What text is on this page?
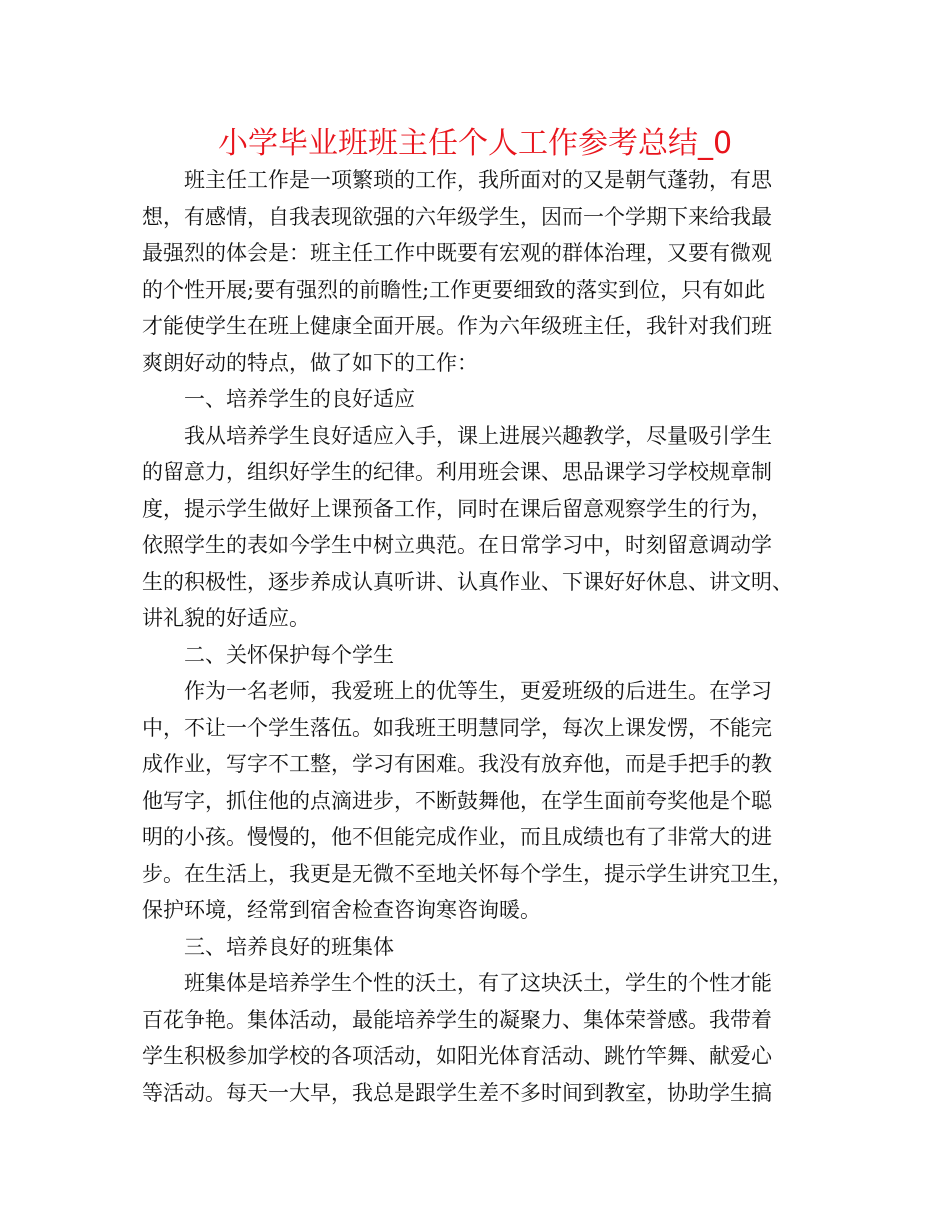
小学毕业班班主任个人工作参考总结_0
班主任工作是一项繁琐的工作，我所面对的又是朝气蓬勃，有思
想，有感情，自我表现欲强的六年级学生，因而一个学期下来给我最
最强烈的体会是：班主任工作中既要有宏观的群体治理，又要有微观
的个性开展;要有强烈的前瞻性;工作更要细致的落实到位，只有如此
才能使学生在班上健康全面开展。作为六年级班主任，我针对我们班
爽朗好动的特点，做了如下的工作：
一、培养学生的良好适应
我从培养学生良好适应入手，课上进展兴趣教学，尽量吸引学生
的留意力，组织好学生的纪律。利用班会课、思品课学习学校规章制
度，提示学生做好上课预备工作，同时在课后留意观察学生的行为，
依照学生的表如今学生中树立典范。在日常学习中，时刻留意调动学
生的积极性，逐步养成认真听讲、认真作业、下课好好休息、讲文明、
讲礼貌的好适应。
二、关怀保护每个学生
作为一名老师，我爱班上的优等生，更爱班级的后进生。在学习
中，不让一个学生落伍。如我班王明慧同学，每次上课发愣，不能完
成作业，写字不工整，学习有困难。我没有放弃他，而是手把手的教
他写字，抓住他的点滴进步，不断鼓舞他，在学生面前夸奖他是个聪
明的小孩。慢慢的，他不但能完成作业，而且成绩也有了非常大的进
步。在生活上，我更是无微不至地关怀每个学生，提示学生讲究卫生，
保护环境，经常到宿舍检查咨询寒咨询暖。
三、培养良好的班集体
班集体是培养学生个性的沃土，有了这块沃土，学生的个性才能
百花争艳。集体活动，最能培养学生的凝聚力、集体荣誉感。我带着
学生积极参加学校的各项活动，如阳光体育活动、跳竹竿舞、献爱心
等活动。每天一大早，我总是跟学生差不多时间到教室，协助学生搞
